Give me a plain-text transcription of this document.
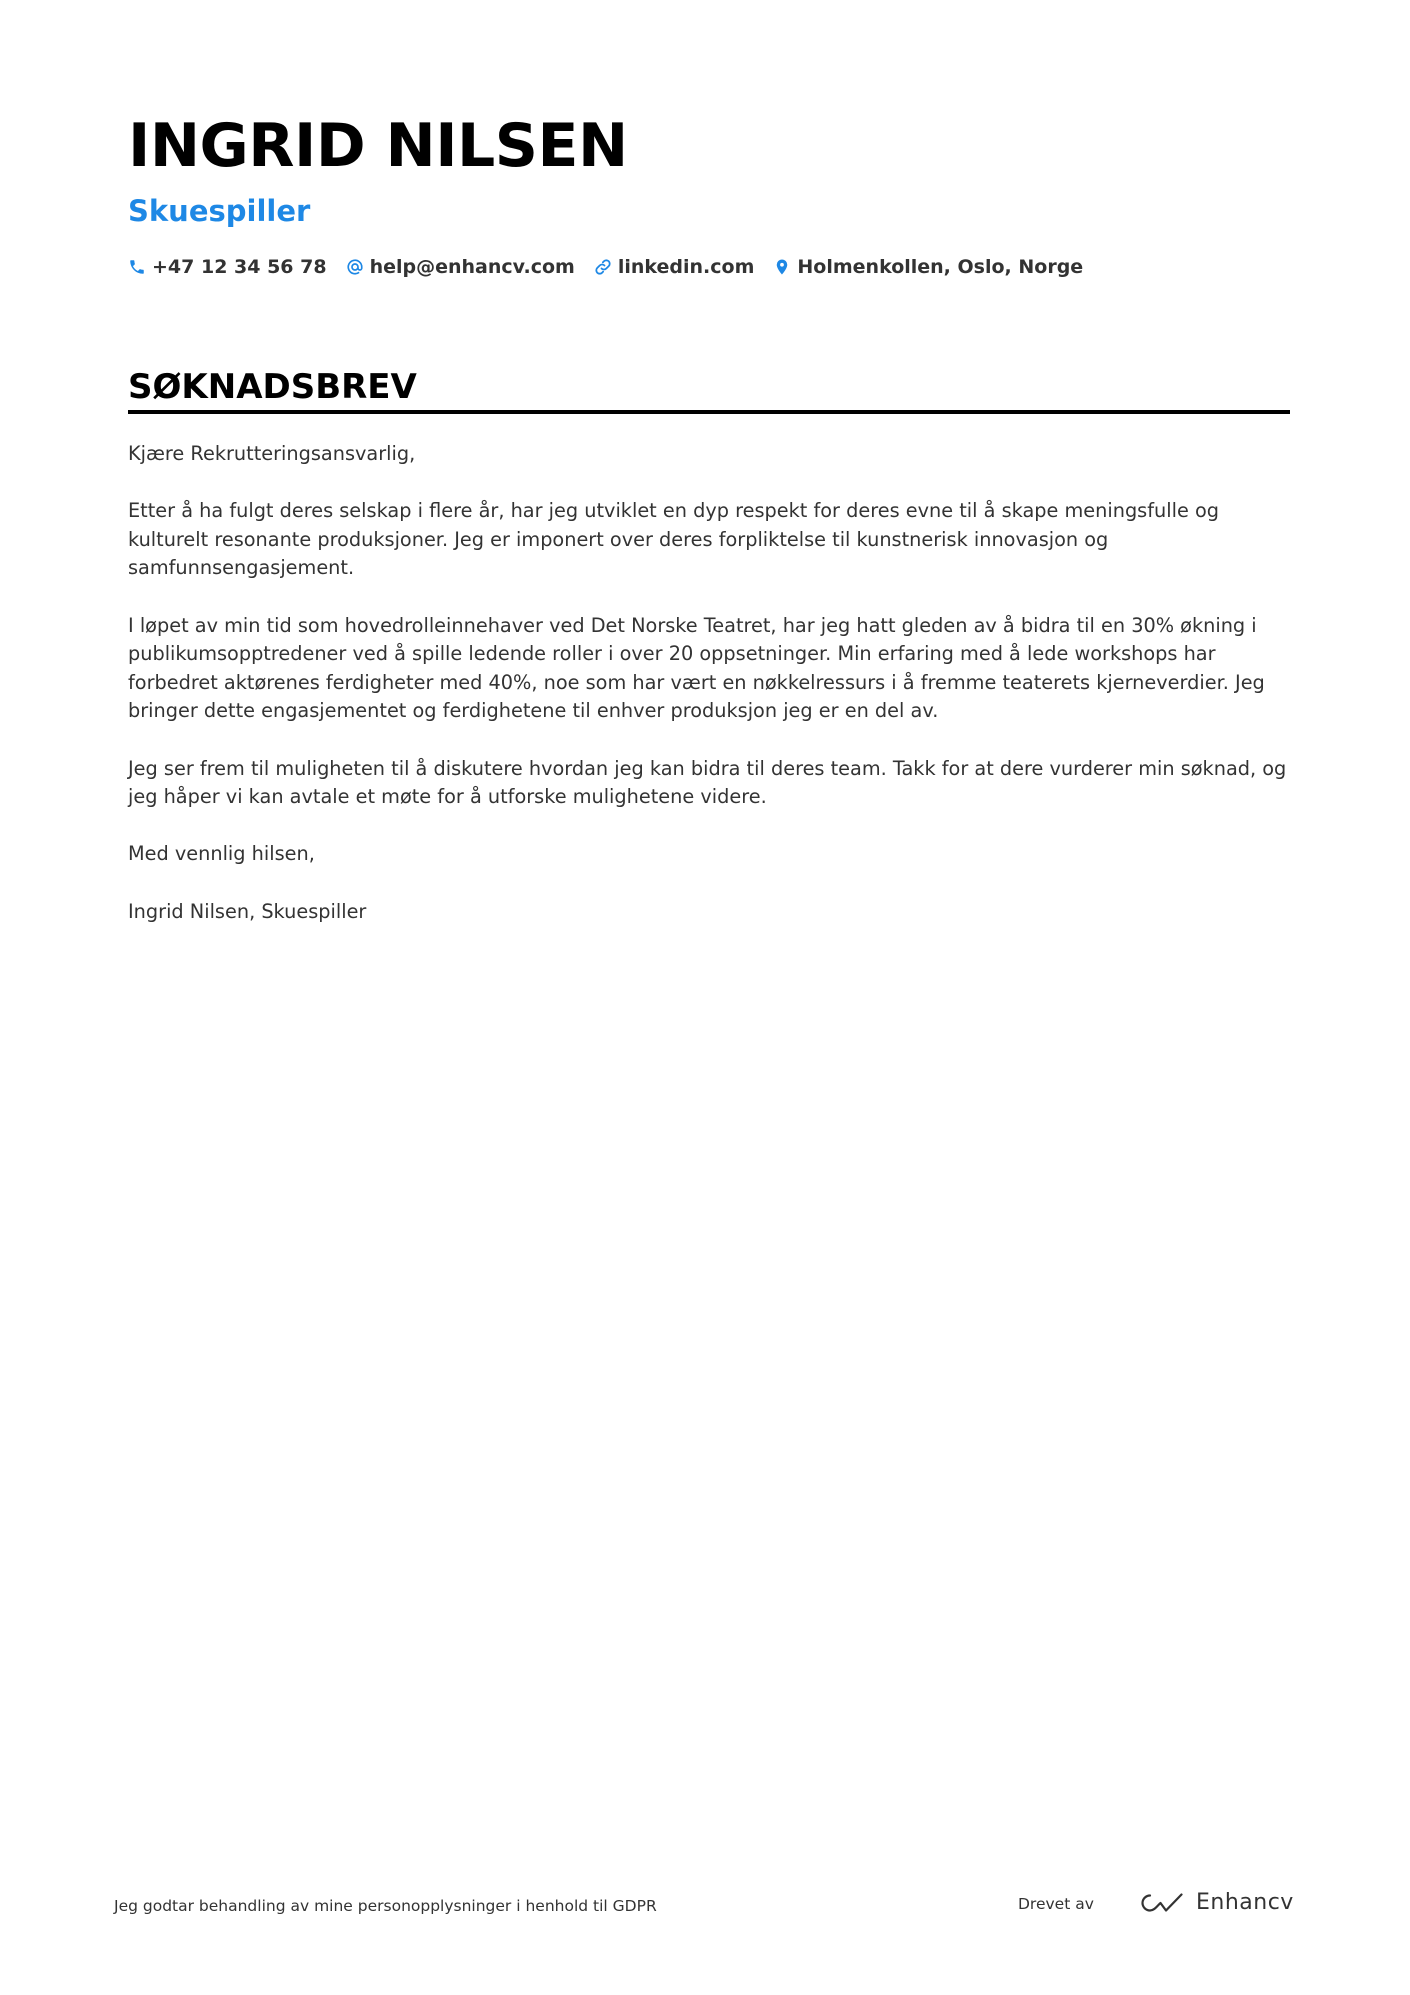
INGRID NILSEN
Skuespiller
+47 12 34 56 78 help@enhancv.com linkedin.com Holmenkollen, Oslo, Norge
SØKNADSBREV

Kjære Rekrutteringsansvarlig,

Etter å ha fulgt deres selskap i flere år, har jeg utviklet en dyp respekt for deres evne til å skape meningsfulle og kulturelt resonante produksjoner. Jeg er imponert over deres forpliktelse til kunstnerisk innovasjon og samfunnsengasjement.

I løpet av min tid som hovedrolleinnehaver ved Det Norske Teatret, har jeg hatt gleden av å bidra til en 30% økning i publikumsopptredener ved å spille ledende roller i over 20 oppsetninger. Min erfaring med å lede workshops har forbedret aktørenes ferdigheter med 40%, noe som har vært en nøkkelressurs i å fremme teaterets kjerneverdier. Jeg bringer dette engasjementet og ferdighetene til enhver produksjon jeg er en del av.

Jeg ser frem til muligheten til å diskutere hvordan jeg kan bidra til deres team. Takk for at dere vurderer min søknad, og jeg håper vi kan avtale et møte for å utforske mulighetene videre.

Med vennlig hilsen,

Ingrid Nilsen, Skuespiller

Jeg godtar behandling av mine personopplysninger i henhold til GDPR	Drevet av	Enhancv
